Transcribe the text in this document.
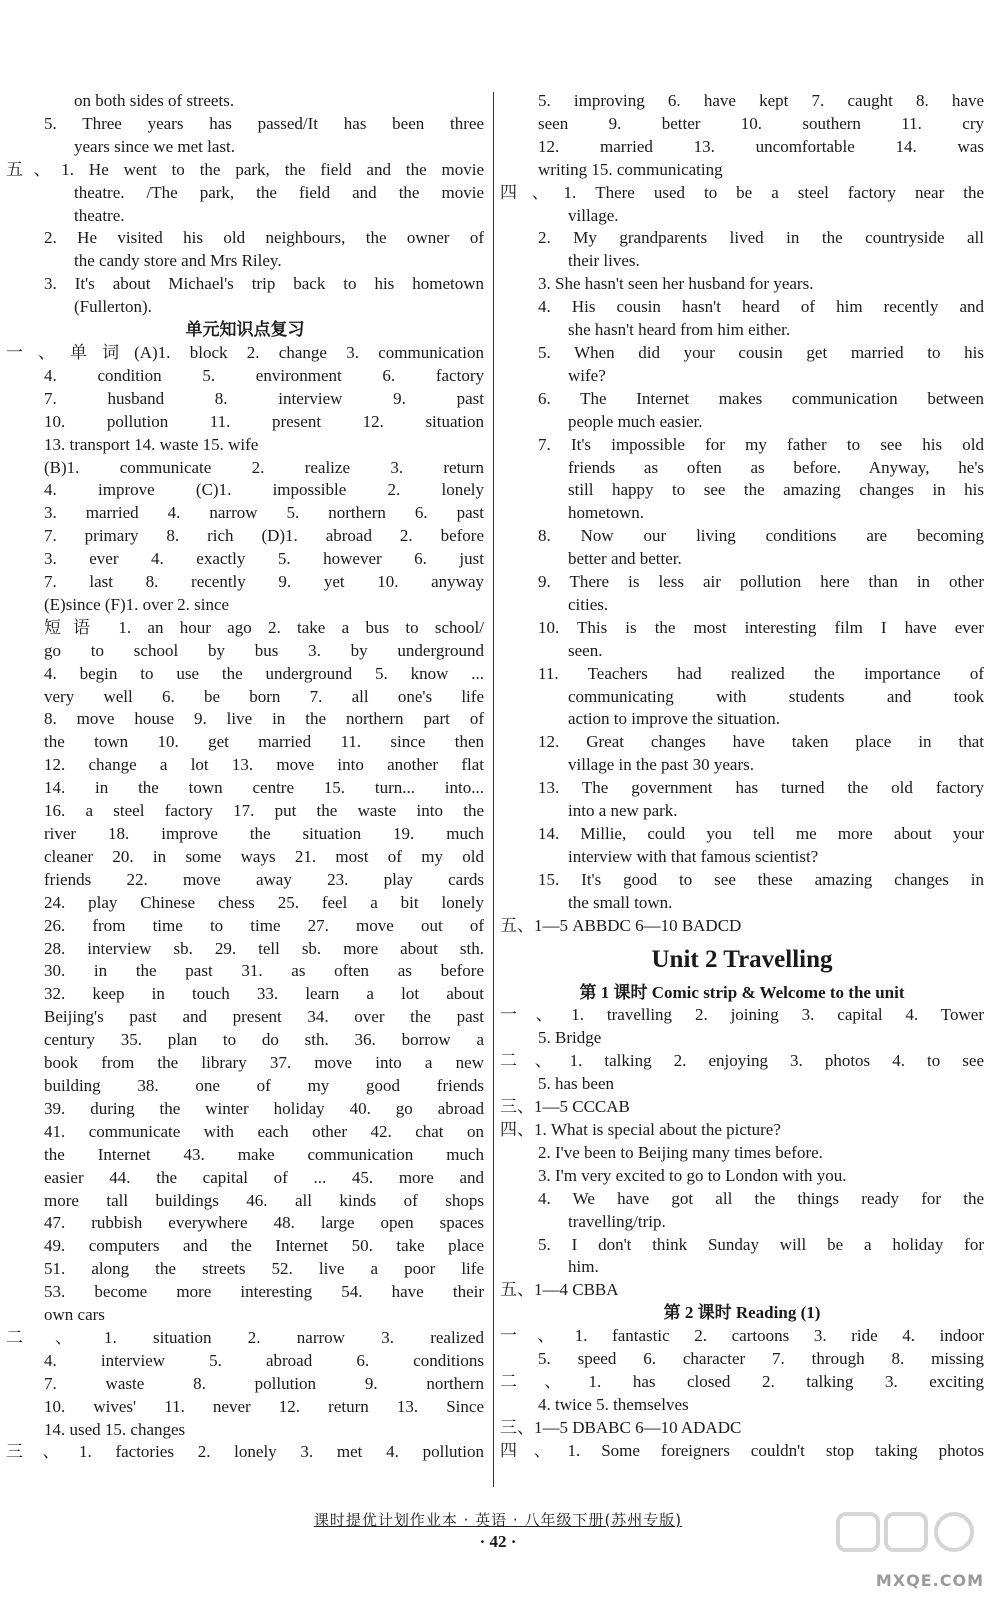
on both sides of streets.
5. Three years has passed/It has been three
years since we met last.
五、1. He went to the park, the field and the movie
theatre. /The park, the field and the movie
theatre.
2. He visited his old neighbours, the owner of
the candy store and Mrs Riley.
3. It's about Michael's trip back to his hometown
(Fullerton).
单元知识点复习
一、单词(A)1. block 2. change 3. communication
4. condition 5. environment 6. factory
7. husband 8. interview 9. past
10. pollution 11. present 12. situation
13. transport 14. waste 15. wife
(B)1. communicate 2. realize 3. return
4. improve (C)1. impossible 2. lonely
3. married 4. narrow 5. northern 6. past
7. primary 8. rich (D)1. abroad 2. before
3. ever 4. exactly 5. however 6. just
7. last 8. recently 9. yet 10. anyway
(E)since (F)1. over 2. since
短语 1. an hour ago 2. take a bus to school/
go to school by bus 3. by underground
4. begin to use the underground 5. know ...
very well 6. be born 7. all one's life
8. move house 9. live in the northern part of
the town 10. get married 11. since then
12. change a lot 13. move into another flat
14. in the town centre 15. turn... into...
16. a steel factory 17. put the waste into the
river 18. improve the situation 19. much
cleaner 20. in some ways 21. most of my old
friends 22. move away 23. play cards
24. play Chinese chess 25. feel a bit lonely
26. from time to time 27. move out of
28. interview sb. 29. tell sb. more about sth.
30. in the past 31. as often as before
32. keep in touch 33. learn a lot about
Beijing's past and present 34. over the past
century 35. plan to do sth. 36. borrow a
book from the library 37. move into a new
building 38. one of my good friends
39. during the winter holiday 40. go abroad
41. communicate with each other 42. chat on
the Internet 43. make communication much
easier 44. the capital of ... 45. more and
more tall buildings 46. all kinds of shops
47. rubbish everywhere 48. large open spaces
49. computers and the Internet 50. take place
51. along the streets 52. live a poor life
53. become more interesting 54. have their
own cars
二、1. situation 2. narrow 3. realized
4. interview 5. abroad 6. conditions
7. waste 8. pollution 9. northern
10. wives' 11. never 12. return 13. Since
14. used 15. changes
三、1. factories 2. lonely 3. met 4. pollution
5. improving 6. have kept 7. caught 8. have
seen 9. better 10. southern 11. cry
12. married 13. uncomfortable 14. was
writing 15. communicating
四、1. There used to be a steel factory near the
village.
2. My grandparents lived in the countryside all
their lives.
3. She hasn't seen her husband for years.
4. His cousin hasn't heard of him recently and
she hasn't heard from him either.
5. When did your cousin get married to his
wife?
6. The Internet makes communication between
people much easier.
7. It's impossible for my father to see his old
friends as often as before. Anyway, he's
still happy to see the amazing changes in his
hometown.
8. Now our living conditions are becoming
better and better.
9. There is less air pollution here than in other
cities.
10. This is the most interesting film I have ever
seen.
11. Teachers had realized the importance of
communicating with students and took
action to improve the situation.
12. Great changes have taken place in that
village in the past 30 years.
13. The government has turned the old factory
into a new park.
14. Millie, could you tell me more about your
interview with that famous scientist?
15. It's good to see these amazing changes in
the small town.
五、1—5 ABBDC 6—10 BADCD
Unit 2 Travelling
第 1 课时 Comic strip & Welcome to the unit
一、1. travelling 2. joining 3. capital 4. Tower
5. Bridge
二、1. talking 2. enjoying 3. photos 4. to see
5. has been
三、1—5 CCCAB
四、1. What is special about the picture?
2. I've been to Beijing many times before.
3. I'm very excited to go to London with you.
4. We have got all the things ready for the
travelling/trip.
5. I don't think Sunday will be a holiday for
him.
五、1—4 CBBA
第 2 课时 Reading (1)
一、1. fantastic 2. cartoons 3. ride 4. indoor
5. speed 6. character 7. through 8. missing
二、1. has closed 2. talking 3. exciting
4. twice 5. themselves
三、1—5 DBABC 6—10 ADADC
四、1. Some foreigners couldn't stop taking photos
课时提优计划作业本 · 英语 · 八年级下册(苏州专版)
· 42 ·
MXQE.COM
